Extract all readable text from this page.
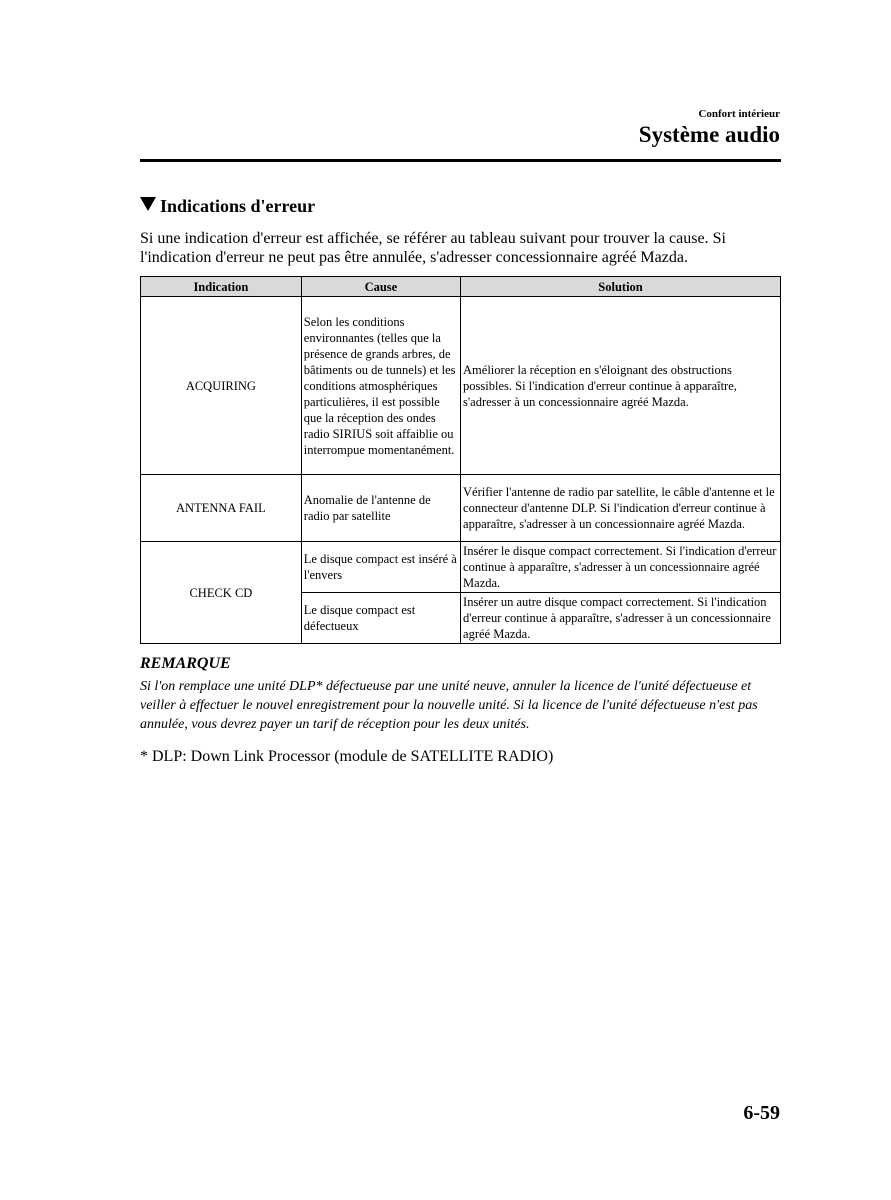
Confort intérieur
Système audio
Indications d'erreur
Si une indication d'erreur est affichée, se référer au tableau suivant pour trouver la cause. Si l'indication d'erreur ne peut pas être annulée, s'adresser concessionnaire agréé Mazda.
Indication	Cause	Solution
ACQUIRING	Selon les conditions environnantes (telles que la présence de grands arbres, de bâtiments ou de tunnels) et les conditions atmosphériques particulières, il est possible que la réception des ondes radio SIRIUS soit affaiblie ou interrompue momentanément.	Améliorer la réception en s'éloignant des obstructions possibles. Si l'indication d'erreur continue à apparaître, s'adresser à un concessionnaire agréé Mazda.
ANTENNA FAIL	Anomalie de l'antenne de radio par satellite	Vérifier l'antenne de radio par satellite, le câble d'antenne et le connecteur d'antenne DLP. Si l'indication d'erreur continue à apparaître, s'adresser à un concessionnaire agréé Mazda.
CHECK CD	Le disque compact est inséré à l'envers	Insérer le disque compact correctement. Si l'indication d'erreur continue à apparaître, s'adresser à un concessionnaire agréé Mazda.
	Le disque compact est défectueux	Insérer un autre disque compact correctement. Si l'indication d'erreur continue à apparaître, s'adresser à un concessionnaire agréé Mazda.
REMARQUE
Si l'on remplace une unité DLP* défectueuse par une unité neuve, annuler la licence de l'unité défectueuse et veiller à effectuer le nouvel enregistrement pour la nouvelle unité. Si la licence de l'unité défectueuse n'est pas annulée, vous devrez payer un tarif de réception pour les deux unités.
* DLP: Down Link Processor (module de SATELLITE RADIO)
6-59
